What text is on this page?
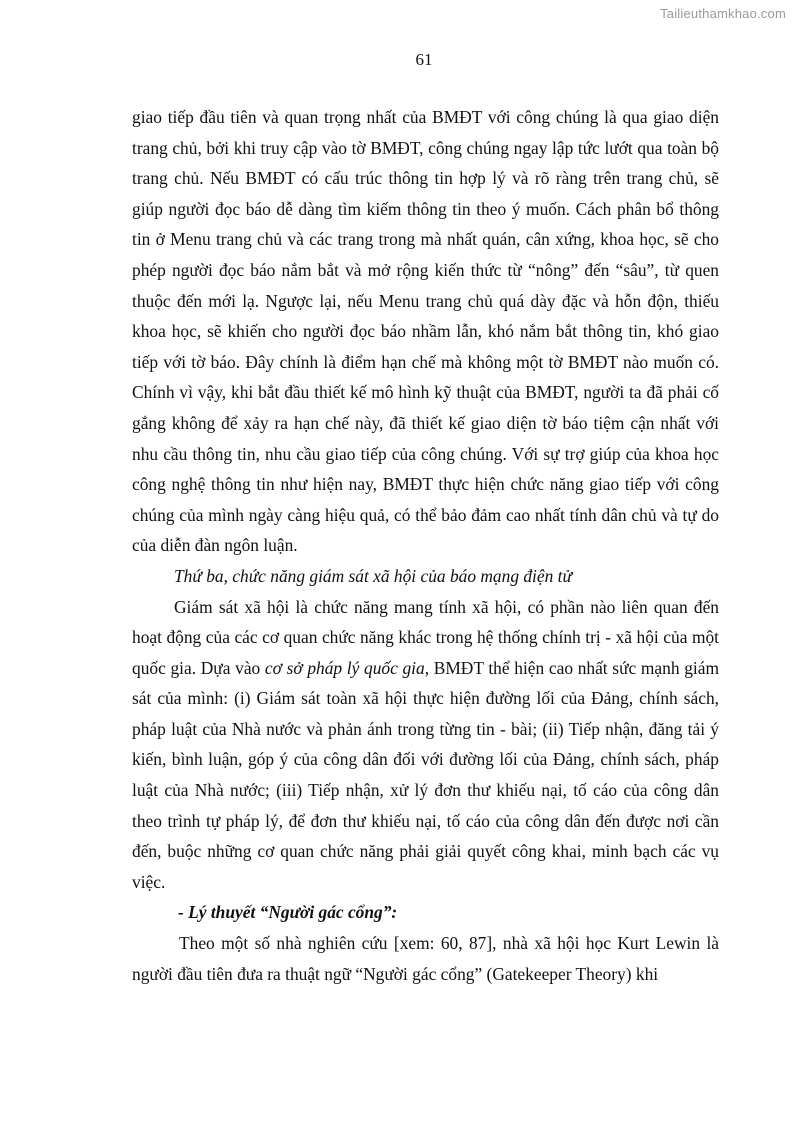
Tailieuthamkhao.com
61

giao tiếp đầu tiên và quan trọng nhất của BMĐT với công chúng là qua giao diện trang chủ, bởi khi truy cập vào tờ BMĐT, công chúng ngay lập tức lướt qua toàn bộ trang chủ. Nếu BMĐT có cấu trúc thông tin hợp lý và rõ ràng trên trang chủ, sẽ giúp người đọc báo dễ dàng tìm kiếm thông tin theo ý muốn. Cách phân bổ thông tin ở Menu trang chủ và các trang trong mà nhất quán, cân xứng, khoa học, sẽ cho phép người đọc báo nắm bắt và mở rộng kiến thức từ “nông” đến “sâu”, từ quen thuộc đến mới lạ. Ngược lại, nếu Menu trang chủ quá dày đặc và hỗn độn, thiếu khoa học, sẽ khiến cho người đọc báo nhầm lẫn, khó nắm bắt thông tin, khó giao tiếp với tờ báo. Đây chính là điểm hạn chế mà không một tờ BMĐT nào muốn có. Chính vì vậy, khi bắt đầu thiết kế mô hình kỹ thuật của BMĐT, người ta đã phải cố gắng không để xảy ra hạn chế này, đã thiết kế giao diện tờ báo tiệm cận nhất với nhu cầu thông tin, nhu cầu giao tiếp của công chúng. Với sự trợ giúp của khoa học công nghệ thông tin như hiện nay, BMĐT thực hiện chức năng giao tiếp với công chúng của mình ngày càng hiệu quả, có thể bảo đảm cao nhất tính dân chủ và tự do của diễn đàn ngôn luận.

Thứ ba, chức năng giám sát xã hội của báo mạng điện tử

Giám sát xã hội là chức năng mang tính xã hội, có phần nào liên quan đến hoạt động của các cơ quan chức năng khác trong hệ thống chính trị - xã hội của một quốc gia. Dựa vào cơ sở pháp lý quốc gia, BMĐT thể hiện cao nhất sức mạnh giám sát của mình: (i) Giám sát toàn xã hội thực hiện đường lối của Đảng, chính sách, pháp luật của Nhà nước và phản ánh trong từng tin - bài; (ii) Tiếp nhận, đăng tải ý kiến, bình luận, góp ý của công dân đối với đường lối của Đảng, chính sách, pháp luật của Nhà nước; (iii) Tiếp nhận, xử lý đơn thư khiếu nại, tố cáo của công dân theo trình tự pháp lý, để đơn thư khiếu nại, tố cáo của công dân đến được nơi cần đến, buộc những cơ quan chức năng phải giải quyết công khai, minh bạch các vụ việc.

- Lý thuyết “Người gác cổng”:

Theo một số nhà nghiên cứu [xem: 60, 87], nhà xã hội học Kurt Lewin là người đầu tiên đưa ra thuật ngữ “Người gác cổng” (Gatekeeper Theory) khi
